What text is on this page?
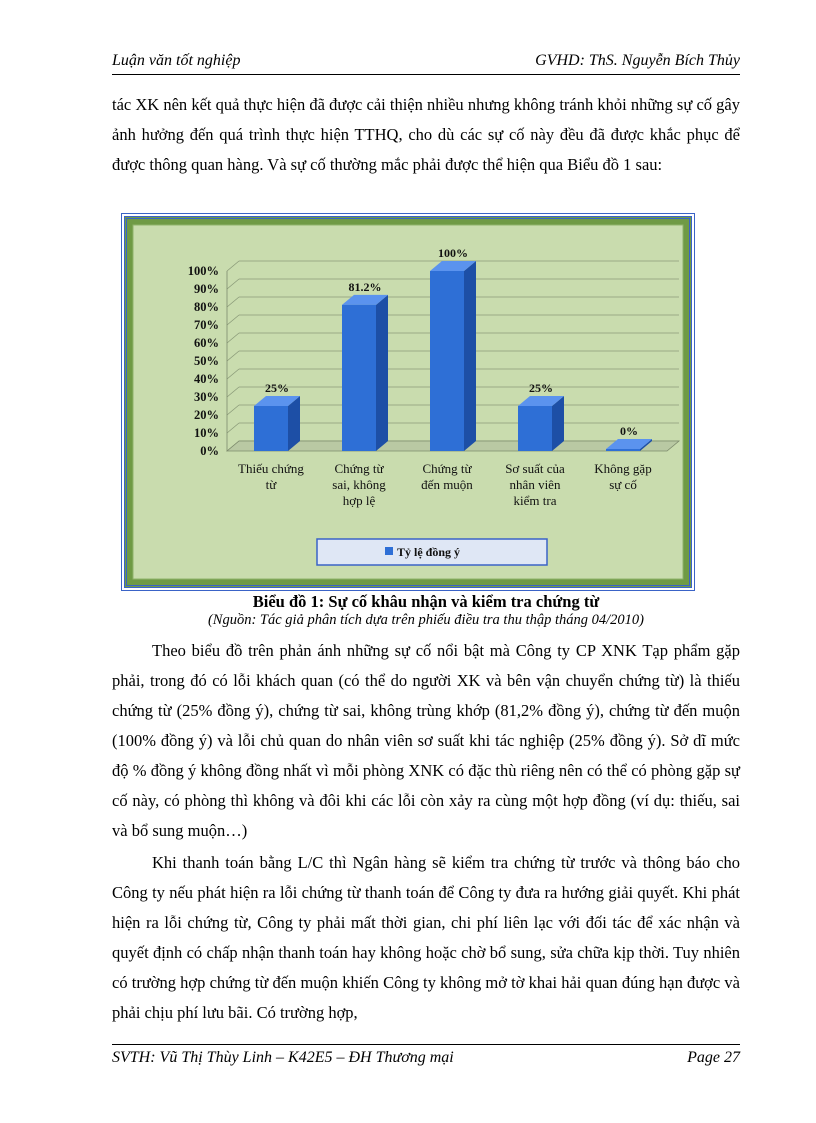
Luận văn tốt nghiệp	GVHD: ThS. Nguyễn Bích Thủy
tác XK nên kết quả thực hiện đã được cải thiện nhiều nhưng không tránh khỏi những sự cố gây ảnh hưởng đến quá trình thực hiện TTHQ, cho dù các sự cố này đều đã được khắc phục để được thông quan hàng. Và sự cố thường mắc phải được thể hiện qua Biểu đồ 1 sau:
0%
10%
20%
30%
40%
50%
60%
70%
80%
90%
100%
25%
Thiếu chứng từ
81.2%
Chứng từ sai, không hợp lệ
100%
Chứng từ đến muộn
25%
Sơ suất của nhân viên kiểm tra
0%
Không gặp sự cố
Tỷ lệ đồng ý
Biểu đồ 1: Sự cố khâu nhận và kiểm tra chứng từ
(Nguồn: Tác giả phân tích dựa trên phiếu điều tra thu thập tháng 04/2010)
Theo biểu đồ trên phản ánh những sự cố nổi bật mà Công ty CP XNK Tạp phẩm gặp phải, trong đó có lỗi khách quan (có thể do người XK và bên vận chuyển chứng từ) là thiếu chứng từ (25% đồng ý), chứng từ sai, không trùng khớp (81,2% đồng ý), chứng từ đến muộn (100% đồng ý) và lỗi chủ quan do nhân viên sơ suất khi tác nghiệp (25% đồng ý). Sở dĩ mức độ % đồng ý không đồng nhất vì mỗi phòng XNK có đặc thù riêng nên có thể có phòng gặp sự cố này, có phòng thì không và đôi khi các lỗi còn xảy ra cùng một hợp đồng (ví dụ: thiếu, sai và bổ sung muộn…)
Khi thanh toán bằng L/C thì Ngân hàng sẽ kiểm tra chứng từ trước và thông báo cho Công ty nếu phát hiện ra lỗi chứng từ thanh toán để Công ty đưa ra hướng giải quyết. Khi phát hiện ra lỗi chứng từ, Công ty phải mất thời gian, chi phí liên lạc với đối tác để xác nhận và quyết định có chấp nhận thanh toán hay không hoặc chờ bổ sung, sửa chữa kịp thời. Tuy nhiên có trường hợp chứng từ đến muộn khiến Công ty không mở tờ khai hải quan đúng hạn được và phải chịu phí lưu bãi. Có trường hợp,
SVTH: Vũ Thị Thùy Linh – K42E5 – ĐH Thương mại	Page 27
